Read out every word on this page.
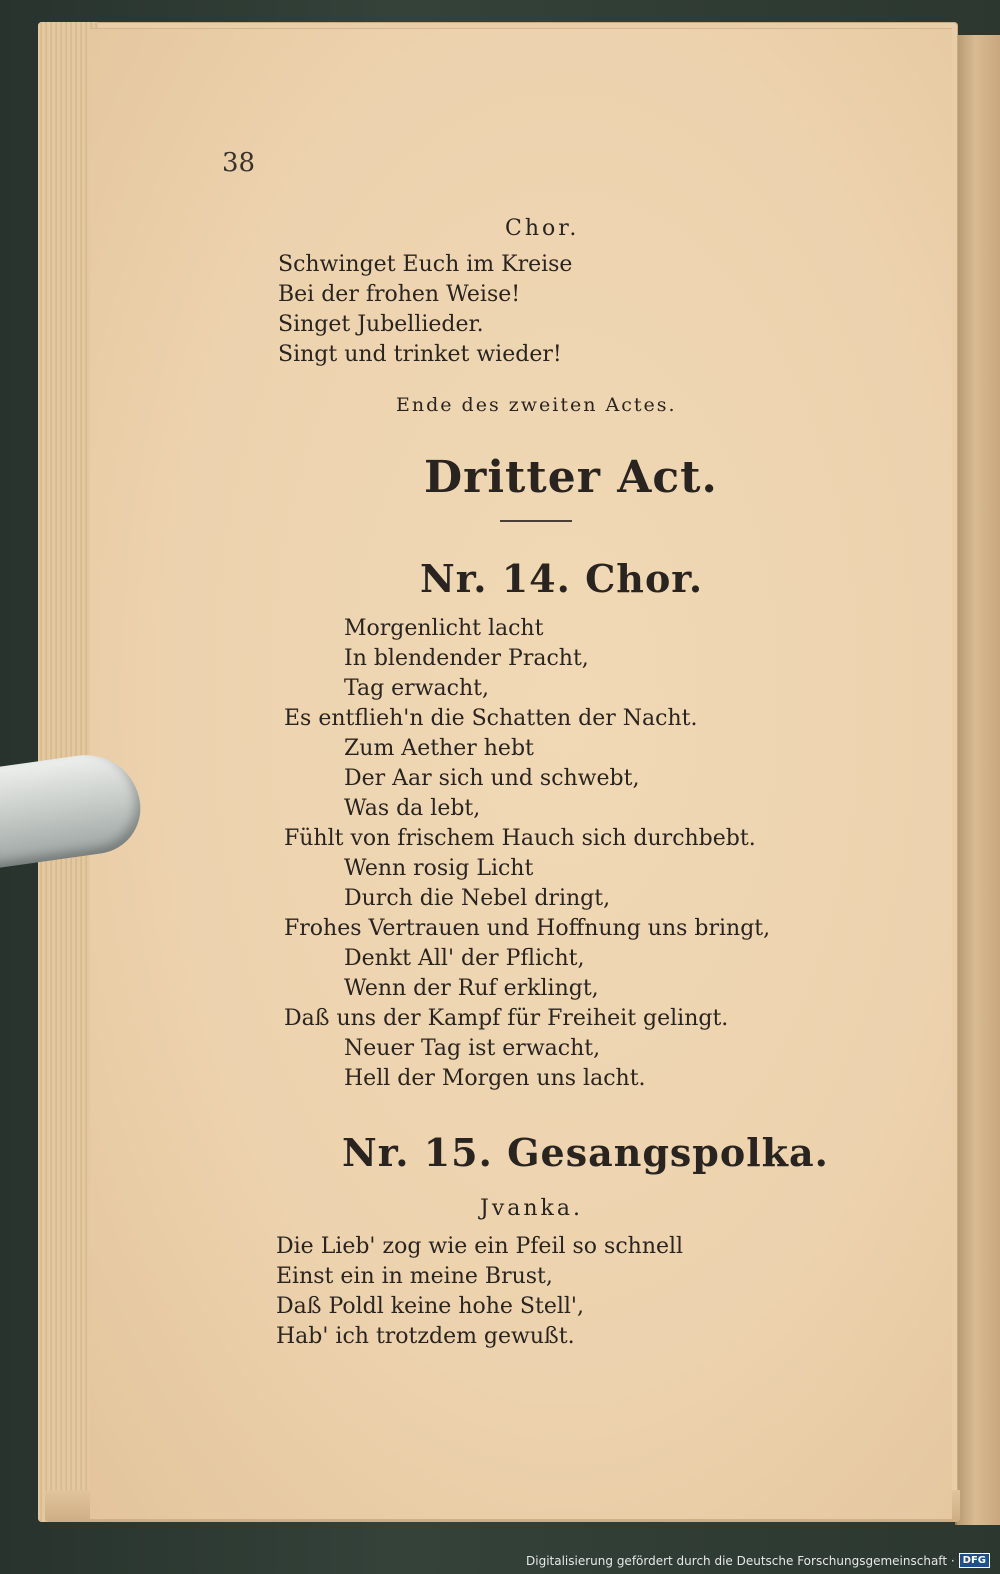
38
Chor.
Schwinget Euch im Kreise
Bei der frohen Weise!
Singet Jubellieder.
Singt und trinket wieder!
Ende des zweiten Actes.
Dritter Act.
Nr. 14. Chor.
Morgenlicht lacht
In blendender Pracht,
Tag erwacht,
Es entflieh'n die Schatten der Nacht.
Zum Aether hebt
Der Aar sich und schwebt,
Was da lebt,
Fühlt von frischem Hauch sich durchbebt.
Wenn rosig Licht
Durch die Nebel dringt,
Frohes Vertrauen und Hoffnung uns bringt,
Denkt All' der Pflicht,
Wenn der Ruf erklingt,
Daß uns der Kampf für Freiheit gelingt.
Neuer Tag ist erwacht,
Hell der Morgen uns lacht.
Nr. 15. Gesangspolka.
Jvanka.
Die Lieb' zog wie ein Pfeil so schnell
Einst ein in meine Brust,
Daß Poldl keine hohe Stell',
Hab' ich trotzdem gewußt.
Digitalisierung gefördert durch die Deutsche Forschungsgemeinschaft · DFG
